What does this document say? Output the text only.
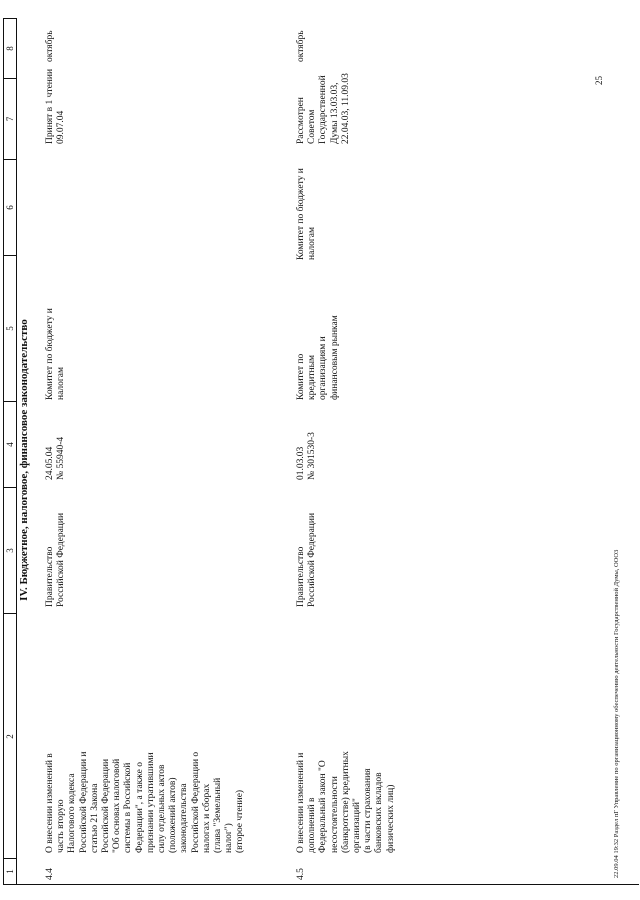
1
2
3
4
5
6
7
8
IV. Бюджетное, налоговое, финансовое законодательство
4.4
О внесении изменений в часть вторую Налогового кодекса Российской Федерации и статью 21 Закона Российской Федерации "Об основах налоговой системы в Российской Федерации", а также о признании утратившими силу отдельных актов (положений актов) законодательства Российской Федерации о налогах и сборах (глава "Земельный налог") (второе чтение)
Правительство Российской Федерации
24.05.04 № 55940-4
Комитет по бюджету и налогам
Принят в 1 чтении 09.07.04
октябрь
4.5
О внесении изменений и дополнений в Федеральный закон "О несостоятельности (банкротстве) кредитных организаций" (в части страхования банковских вкладов физических лиц)
Правительство Российской Федерации
01.03.03 № 301530-3
Комитет по кредитным организациям и финансовым рынкам
Комитет по бюджету и налогам
Рассмотрен Советом Государственной Думы 13.03.03, 22.04.03, 11.09.03
октябрь
25
22.09.04 19:32 Раздел пГ Управление по организационному обеспечению деятельности Государственной Думы, ООО3
